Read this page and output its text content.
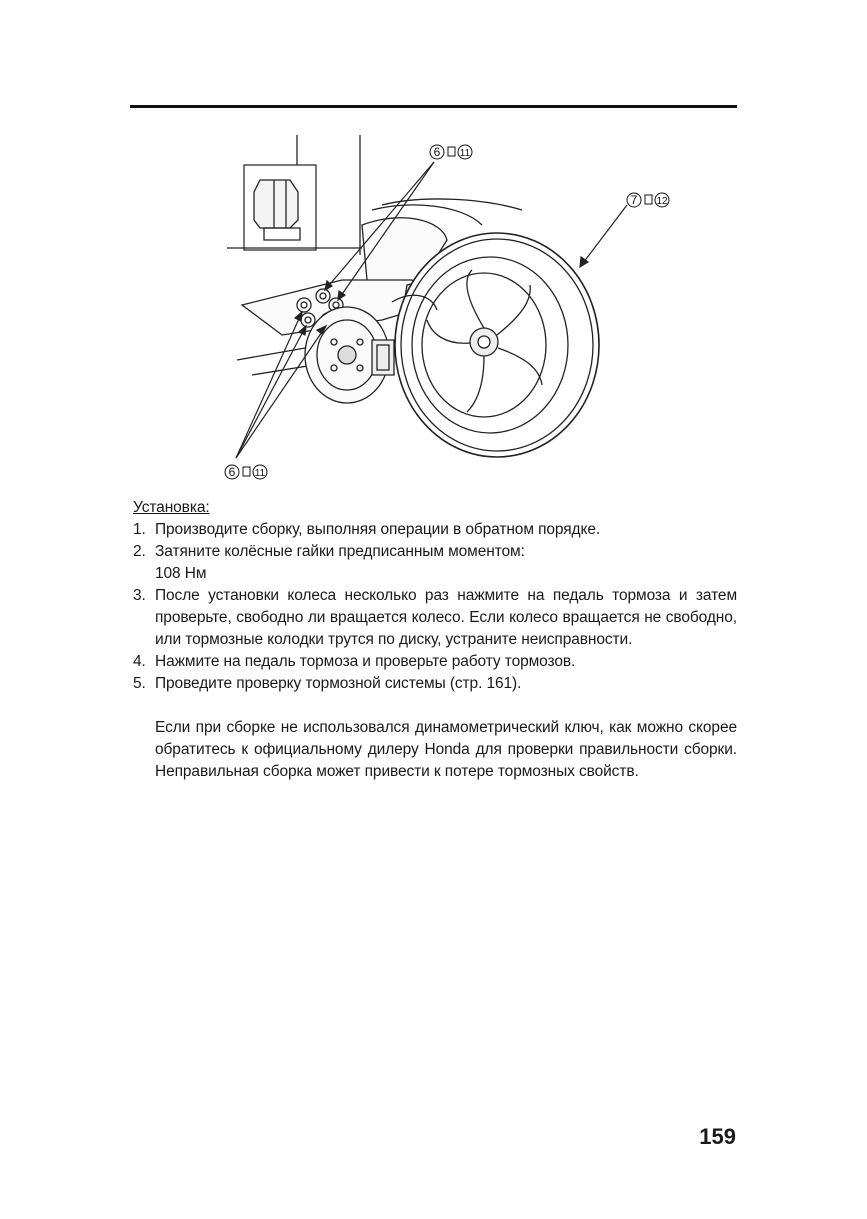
6 11
7 12
6 11
Установка:
1. Производите сборку, выполняя операции в обратном порядке.
2. Затяните колёсные гайки предписанным моментом:
108 Нм
3. После установки колеса несколько раз нажмите на педаль тормоза и затем проверьте, свободно ли вращается колесо. Если колесо вращается не свободно, или тормозные колодки трутся по диску, устраните неисправности.
4. Нажмите на педаль тормоза и проверьте работу тормозов.
5. Проведите проверку тормозной системы (стр. 161).
Если при сборке не использовался динамометрический ключ, как можно скорее обратитесь к официальному дилеру Honda для проверки правильности сборки. Неправильная сборка может привести к потере тормозных свойств.
159
